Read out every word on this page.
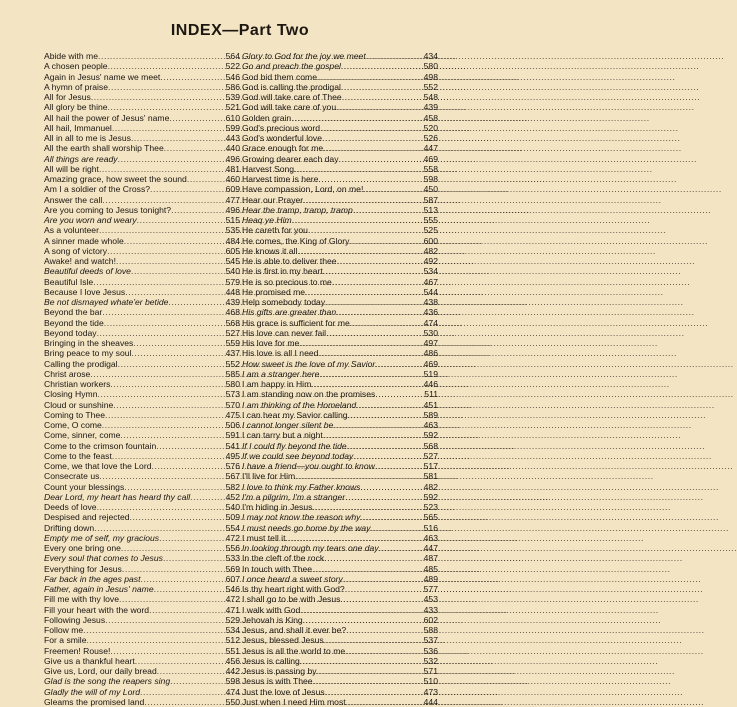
INDEX—Part Two
Abide with me .....	564
A chosen people .....	522
Again in Jesus' name we meet .....	546
A hymn of praise .....	586
All for Jesus .....	539
All glory be thine .....	521
All hail the power of Jesus' name .....	610
All hail, Immanuel .....	599
All in all to me is Jesus .....	443
All the earth shall worship Thee .....	440
All things are ready .....	496
All will be right .....	481
Amazing grace, how sweet the sound .....	460
Am I a soldier of the Cross? .....	609
Answer the call .....	477
Are you coming to Jesus tonight? .....	496
Are you worn and weary .....	515
As a volunteer .....	535
A sinner made whole .....	484
A song of victory .....	605
Awake! and watch! .....	545
Beautiful deeds of love .....	540
Beautiful Isle .....	579
Because I love Jesus .....	448
Be not dismayed whate'er betide .....	439
Beyond the bar .....	468
Beyond the tide .....	568
Beyond today .....	527
Bringing in the sheaves .....	559
Bring peace to my soul .....	437
Calling the prodigal .....	552
Christ arose .....	585
Christian workers .....	580
Closing Hymn .....	573
Cloud or sunshine .....	570
Coming to Thee .....	475
Come, O come .....	506
Come, sinner, come .....	591
Come to the crimson fountain .....	541
Come to the feast .....	495
Come, we that love the Lord .....	576
Consecrate us .....	567
Count your blessings .....	582
Dear Lord, my heart has heard thy call .....	452
Deeds of love .....	540
Despised and rejected .....	509
Drifting down .....	554
Empty me of self, my gracious .....	472
Every one bring one .....	556
Every soul that comes to Jesus .....	533
Everything for Jesus .....	569
Far back in the ages past .....	607
Father, again in Jesus' name .....	546
Fill me with thy love .....	472
Fill your heart with the word .....	471
Following Jesus .....	529
Follow me .....	534
For a smile .....	512
Freemen! Rouse! .....	551
Give us a thankful heart .....	456
Give us, Lord, our daily bread .....	442
Glad is the song the reapers sing .....	598
Gladly the will of my Lord .....	474
Gleams the promised land .....	550
Glory to God for the joy we meet .....	434
Go and preach the gospel .....	580
God bid them come .....	498
God is calling the prodigal .....	552
God will take care of Thee .....	548
God will take care of you .....	439
Golden grain .....	458
God's precious word .....	520
God's wonderful love .....	526
Grace enough for me .....	447
Growing dearer each day .....	469
Harvest Song .....	558
Harvest time is here .....	598
Have compassion, Lord, on me! .....	450
Hear our Prayer .....	587
Hear the tramp, tramp, tramp .....	513
Heaq ye Him .....	555
He careth for you .....	525
He comes, the King of Glory .....	600
He knows it all .....	482
He is able to deliver thee .....	492
He is first in my heart .....	534
He is so precious to me .....	467
He promised me .....	544
Help somebody today .....	438
His gifts are greater than .....	436
His grace is sufficient for me .....	474
His love can never fail .....	530
His love for me .....	497
His love is all I need .....	486
How sweet is the love of my Savior .....	469
I am a stranger here .....	519
I am happy in Him .....	446
I am standing now on the promises .....	511
I am thinking of the Homeland .....	451
I can hear my Savior calling .....	589
I cannot longer silent be .....	463
I can tarry but a night .....	592
If I could fly beyond the tide .....	568
If we could see beyond today .....	527
I have a friend—you ought to know .....	517
I'll live for Him .....	581
I love to think my Father knows .....	482
I'm a pilgrim, I'm a stranger .....	592
I'm hiding in Jesus .....	523
I may not know the reason why .....	565
I must needs go home by the way .....	516
I must tell it .....	463
In looking through my tears one day .....	447
In the cleft of the rock .....	487
In touch with Thee .....	485
I once heard a sweet story .....	489
Is thy heart right with God? .....	577
I shall go to be with Jesus .....	453
I walk with God .....	433
Jehovah is King .....	602
Jesus, and shall it ever be? .....	588
Jesus, blessed Jesus .....	537
Jesus is all the world to me .....	536
Jesus is calling .....	532
Jesus is passing by .....	571
Jesus is with Thee .....	510
Just the love of Jesus .....	473
Just when I need Him most .....	444
